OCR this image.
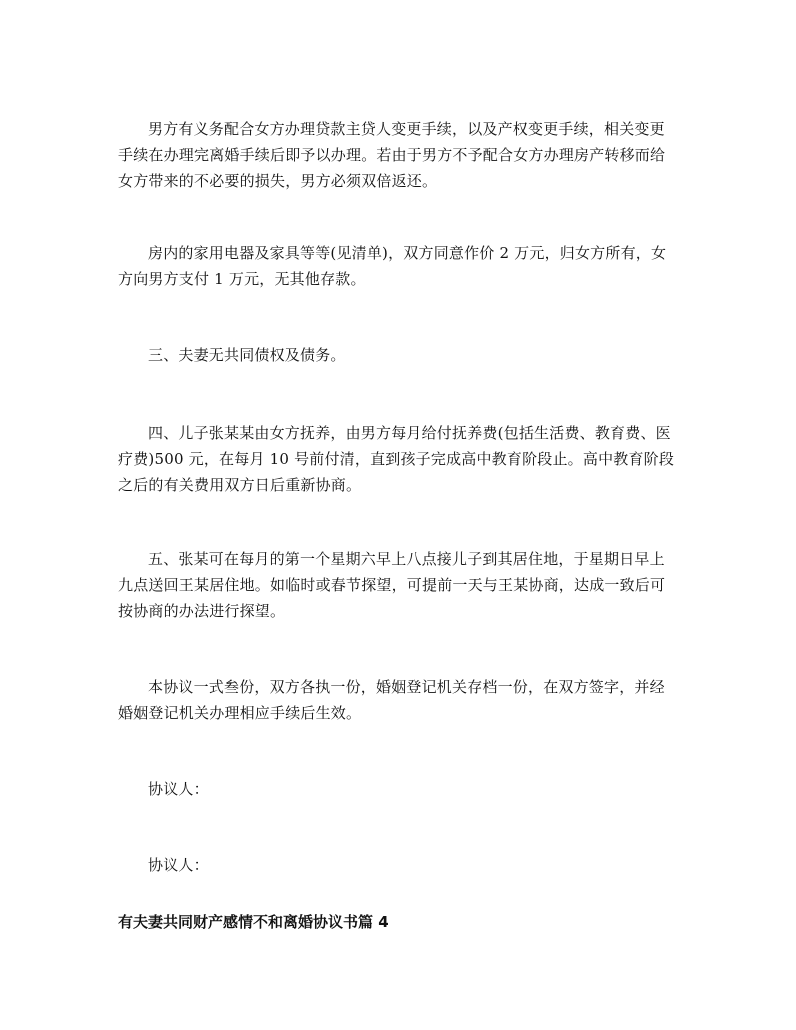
男方有义务配合女方办理贷款主贷人变更手续，以及产权变更手续，相关变更手续在办理完离婚手续后即予以办理。若由于男方不予配合女方办理房产转移而给女方带来的不必要的损失，男方必须双倍返还。

房内的家用电器及家具等等(见清单)，双方同意作价 2 万元，归女方所有，女方向男方支付 1 万元，无其他存款。

三、夫妻无共同债权及债务。

四、儿子张某某由女方抚养，由男方每月给付抚养费(包括生活费、教育费、医疗费)500 元，在每月 10 号前付清，直到孩子完成高中教育阶段止。高中教育阶段之后的有关费用双方日后重新协商。

五、张某可在每月的第一个星期六早上八点接儿子到其居住地，于星期日早上九点送回王某居住地。如临时或春节探望，可提前一天与王某协商，达成一致后可按协商的办法进行探望。

本协议一式叁份，双方各执一份，婚姻登记机关存档一份，在双方签字，并经婚姻登记机关办理相应手续后生效。

协议人：

协议人：

有夫妻共同财产感情不和离婚协议书篇 4
